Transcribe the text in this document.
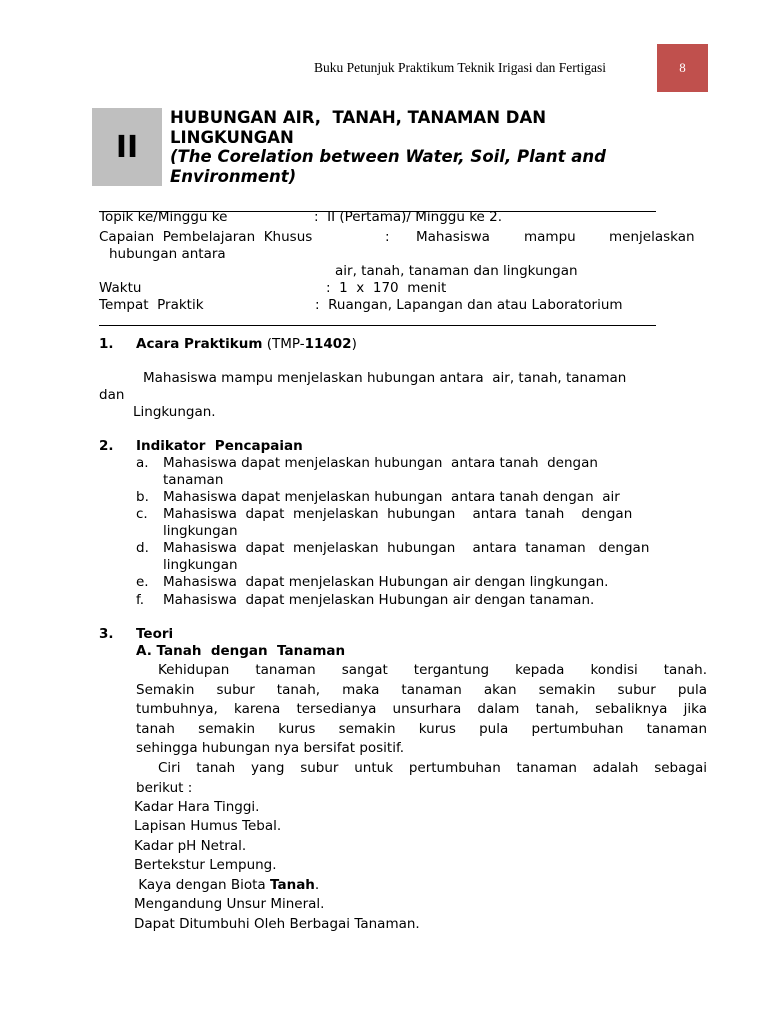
Buku Petunjuk Praktikum Teknik Irigasi dan Fertigasi	8
II
HUBUNGAN AIR,  TANAH, TANAMAN DAN
LINGKUNGAN
(The Corelation between Water, Soil, Plant and
Environment)
Topik ke/Minggu ke	:  II (Pertama)/ Minggu ke 2.
Capaian  Pembelajaran  Khusus	: Mahasiswa	mampu menjelaskan
hubungan antara
air, tanah, tanaman dan lingkungan
Waktu	:  1  x  170  menit
Tempat  Praktik	:  Ruangan, Lapangan dan atau Laboratorium
1. Acara Praktikum (TMP-11402)
Mahasiswa mampu menjelaskan hubungan antara  air, tanah, tanaman
dan
Lingkungan.
2. Indikator  Pencapaian
a. Mahasiswa dapat menjelaskan hubungan  antara tanah  dengan
tanaman
b. Mahasiswa dapat menjelaskan hubungan  antara tanah dengan  air
c. Mahasiswa  dapat  menjelaskan  hubungan    antara  tanah    dengan
lingkungan
d. Mahasiswa  dapat  menjelaskan  hubungan    antara  tanaman   dengan
lingkungan
e. Mahasiswa  dapat menjelaskan Hubungan air dengan lingkungan.
f. Mahasiswa  dapat menjelaskan Hubungan air dengan tanaman.
3. Teori
A. Tanah  dengan  Tanaman
Kehidupan tanaman sangat tergantung kepada kondisi tanah.
Semakin subur tanah, maka tanaman akan semakin subur pula
tumbuhnya, karena tersedianya unsurhara dalam tanah, sebaliknya jika
tanah semakin kurus semakin kurus pula pertumbuhan tanaman
sehingga hubungan nya bersifat positif.
Ciri tanah yang subur untuk pertumbuhan tanaman adalah sebagai
berikut :
Kadar Hara Tinggi.
Lapisan Humus Tebal.
Kadar pH Netral.
Bertekstur Lempung.
Kaya dengan Biota Tanah.
Mengandung Unsur Mineral.
Dapat Ditumbuhi Oleh Berbagai Tanaman.
